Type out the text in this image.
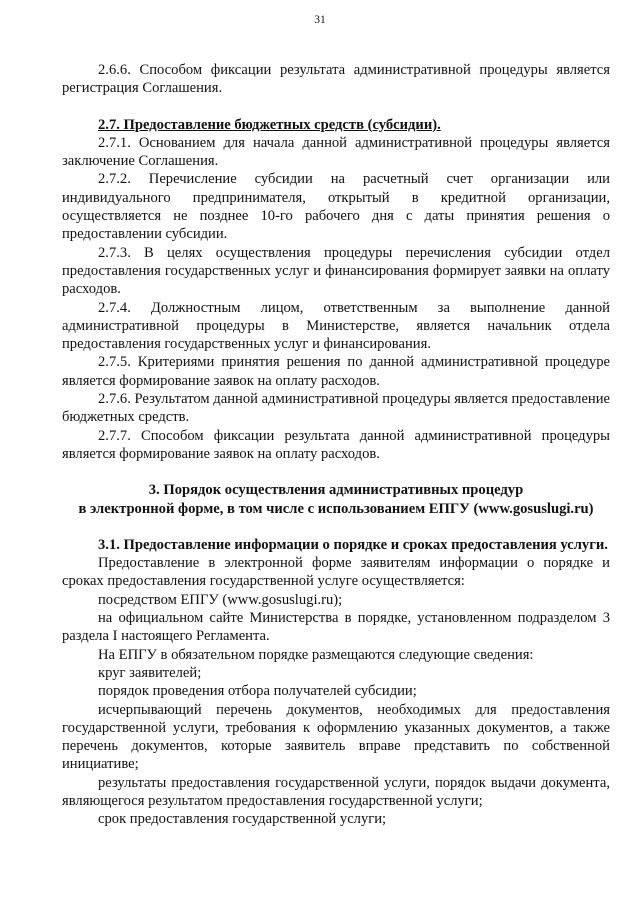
31

2.6.6. Способом фиксации результата административной процедуры является регистрация Соглашения.

2.7. Предоставление бюджетных средств (субсидии).

2.7.1. Основанием для начала данной административной процедуры является заключение Соглашения.

2.7.2. Перечисление субсидии на расчетный счет организации или индивидуального предпринимателя, открытый в кредитной организации, осуществляется не позднее 10-го рабочего дня с даты принятия решения о предоставлении субсидии.

2.7.3. В целях осуществления процедуры перечисления субсидии отдел предоставления государственных услуг и финансирования формирует заявки на оплату расходов.

2.7.4. Должностным лицом, ответственным за выполнение данной административной процедуры в Министерстве, является начальник отдела предоставления государственных услуг и финансирования.

2.7.5. Критериями принятия решения по данной административной процедуре является формирование заявок на оплату расходов.

2.7.6. Результатом данной административной процедуры является предоставление бюджетных средств.

2.7.7. Способом фиксации результата данной административной процедуры является формирование заявок на оплату расходов.

3. Порядок осуществления административных процедур

в электронной форме, в том числе с использованием ЕПГУ (www.gosuslugi.ru)

3.1. Предоставление информации о порядке и сроках предоставления услуги.

Предоставление в электронной форме заявителям информации о порядке и сроках предоставления государственной услуге осуществляется:

посредством ЕПГУ (www.gosuslugi.ru);

на официальном сайте Министерства в порядке, установленном подразделом 3 раздела I настоящего Регламента.

На ЕПГУ в обязательном порядке размещаются следующие сведения:

круг заявителей;

порядок проведения отбора получателей субсидии;

исчерпывающий перечень документов, необходимых для предоставления государственной услуги, требования к оформлению указанных документов, а также перечень документов, которые заявитель вправе представить по собственной инициативе;

результаты предоставления государственной услуги, порядок выдачи документа, являющегося результатом предоставления государственной услуги;

срок предоставления государственной услуги;
